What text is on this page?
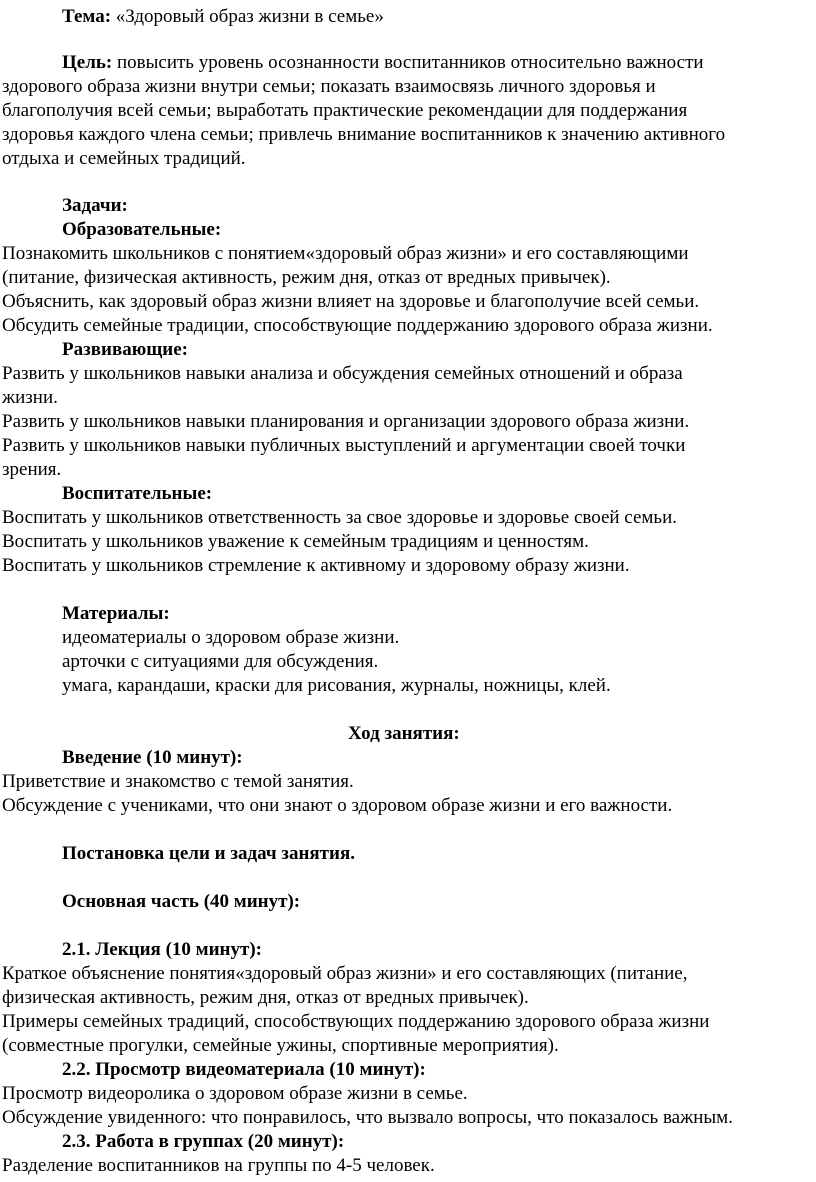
Тема: «Здоровый образ жизни в семье»
Цель: повысить уровень осознанности воспитанников относительно важности
здорового образа жизни внутри семьи; показать взаимосвязь личного здоровья и
благополучия всей семьи; выработать практические рекомендации для поддержания
здоровья каждого члена семьи; привлечь внимание воспитанников к значению активного
отдыха и семейных традиций.
Задачи:
Образовательные:
Познакомить школьников с понятием«здоровый образ жизни» и его составляющими
(питание, физическая активность, режим дня, отказ от вредных привычек).
Объяснить, как здоровый образ жизни влияет на здоровье и благополучие всей семьи.
Обсудить семейные традиции, способствующие поддержанию здорового образа жизни.
Развивающие:
Развить у школьников навыки анализа и обсуждения семейных отношений и образа
жизни.
Развить у школьников навыки планирования и организации здорового образа жизни.
Развить у школьников навыки публичных выступлений и аргументации своей точки
зрения.
Воспитательные:
Воспитать у школьников ответственность за свое здоровье и здоровье своей семьи.
Воспитать у школьников уважение к семейным традициям и ценностям.
Воспитать у школьников стремление к активному и здоровому образу жизни.
Материалы:
идеоматериалы о здоровом образе жизни.
арточки с ситуациями для обсуждения.
умага, карандаши, краски для рисования, журналы, ножницы, клей.
Ход занятия:
Введение (10 минут):
Приветствие и знакомство с темой занятия.
Обсуждение с учениками, что они знают о здоровом образе жизни и его важности.
Постановка цели и задач занятия.
Основная часть (40 минут):
2.1. Лекция (10 минут):
Краткое объяснение понятия«здоровый образ жизни» и его составляющих (питание,
физическая активность, режим дня, отказ от вредных привычек).
Примеры семейных традиций, способствующих поддержанию здорового образа жизни
(совместные прогулки, семейные ужины, спортивные мероприятия).
2.2. Просмотр видеоматериала (10 минут):
Просмотр видеоролика о здоровом образе жизни в семье.
Обсуждение увиденного: что понравилось, что вызвало вопросы, что показалось важным.
2.3. Работа в группах (20 минут):
Разделение воспитанников на группы по 4-5 человек.
